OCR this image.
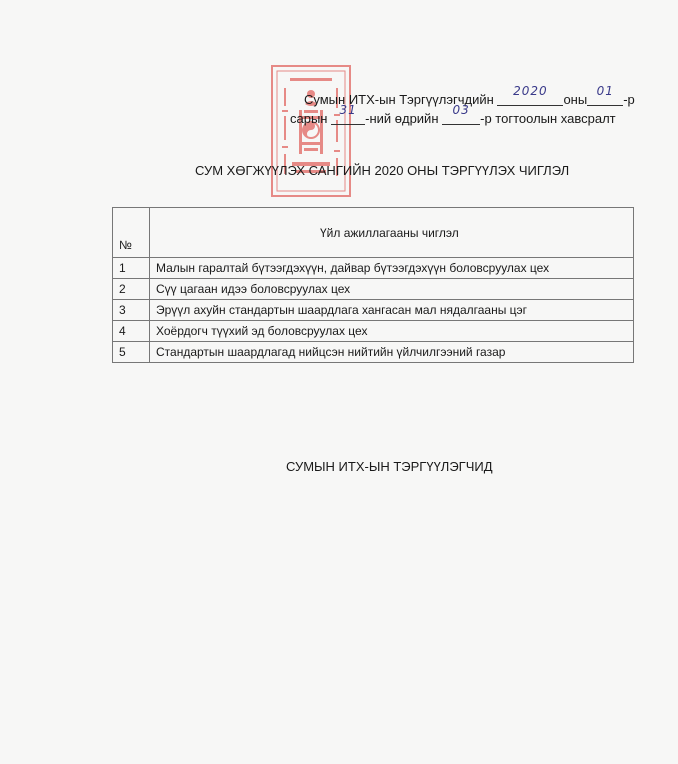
Сумын ИТХ-ын Тэргүүлэгчдийн
2020
оны
01
-р
сарын
31
-ний өдрийн
03
-р тогтоолын хавсралт
СУМ ХӨГЖҮҮЛЭХ САНГИЙН 2020 ОНЫ ТЭРГҮҮЛЭХ ЧИГЛЭЛ
№	Үйл ажиллагааны чиглэл
1	Малын гаралтай бүтээгдэхүүн, дайвар бүтээгдэхүүн боловсруулах цех
2	Сүү цагаан идээ боловсруулах цех
3	Эрүүл ахуйн стандартын шаардлага хангасан мал нядалгааны цэг
4	Хоёрдогч түүхий эд боловсруулах цех
5	Стандартын шаардлагад нийцсэн нийтийн үйлчилгээний газар
СУМЫН ИТХ-ЫН ТЭРГҮҮЛЭГЧИД
